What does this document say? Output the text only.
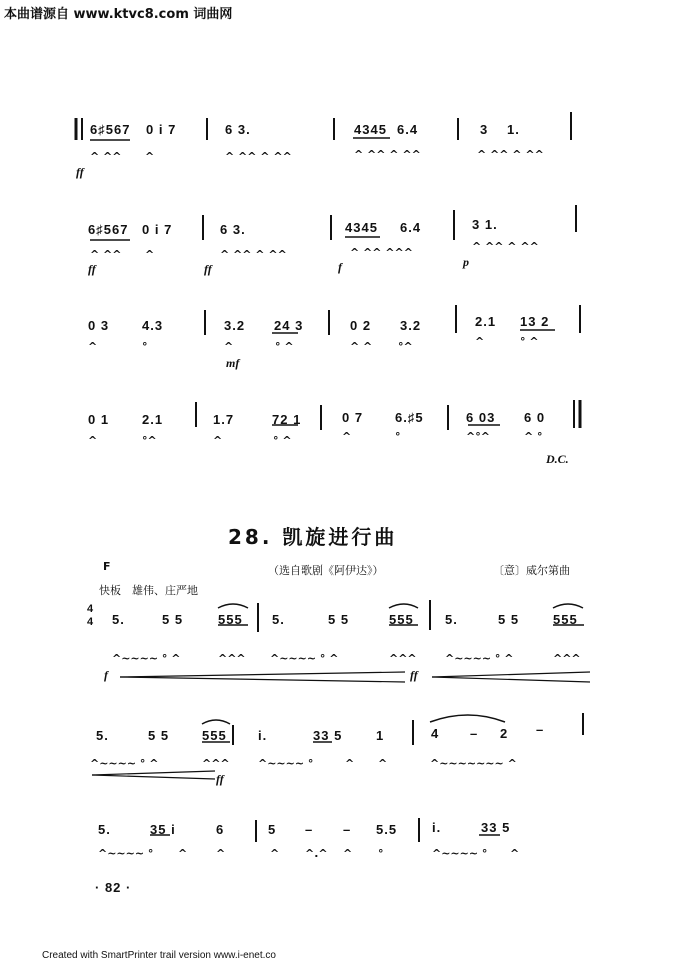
本曲谱源自 www.ktvc8.com 词曲网
^ ^^ ^	^ ^^ ^ ^^	^ ^^ ^ ^^	^ ^^ ^ ^^
^ ^^ ^	^ ^^ ^ ^^	^ ^^ ^^^	^ ^^ ^ ^^
^	°	^	° ^	^ ^ °^	^	° ^
^	°^	^	° ^	^	°	^°^	^ °
^~~~~ ° ^	^^^ ^~~~~ ° ^	^^^	^~~~~ ° ^	^^^
^~~~~ ° ^	^^^	^~~~~ °	^ ^	^~~~~~~~ ^
^~~~~ ° ^	^	^ ^.^ ^ °	^~~~~ ° ^
6♯567 0 i 7	6 3.	4345 6.4	3 1.
ff
6♯567 0 i 7	6 3.	4345 6.4	3 1.
ff	ff	f	p
0 3	4.3	3.2 24 3	0 2 3.2	2.1 13 2
mf
0 1	2.1	1.7	72 1	0 7 6.♯5	6 03 6 0
D.C.
28. 凯旋进行曲
F	（选自歌剧《阿伊达》）	〔意〕威尔第曲
快板　雄伟、庄严地
4
4 5.	5 5	555 5.	5 5	555 5.	5 5	555
f	ff
5.	5 5	555 i.	33 5	1	4 – 2 –
ff
5.	35 i	6	5 – – 5.5	i.	33 5
· 82 ·
Created with SmartPrinter trail version www.i-enet.co
